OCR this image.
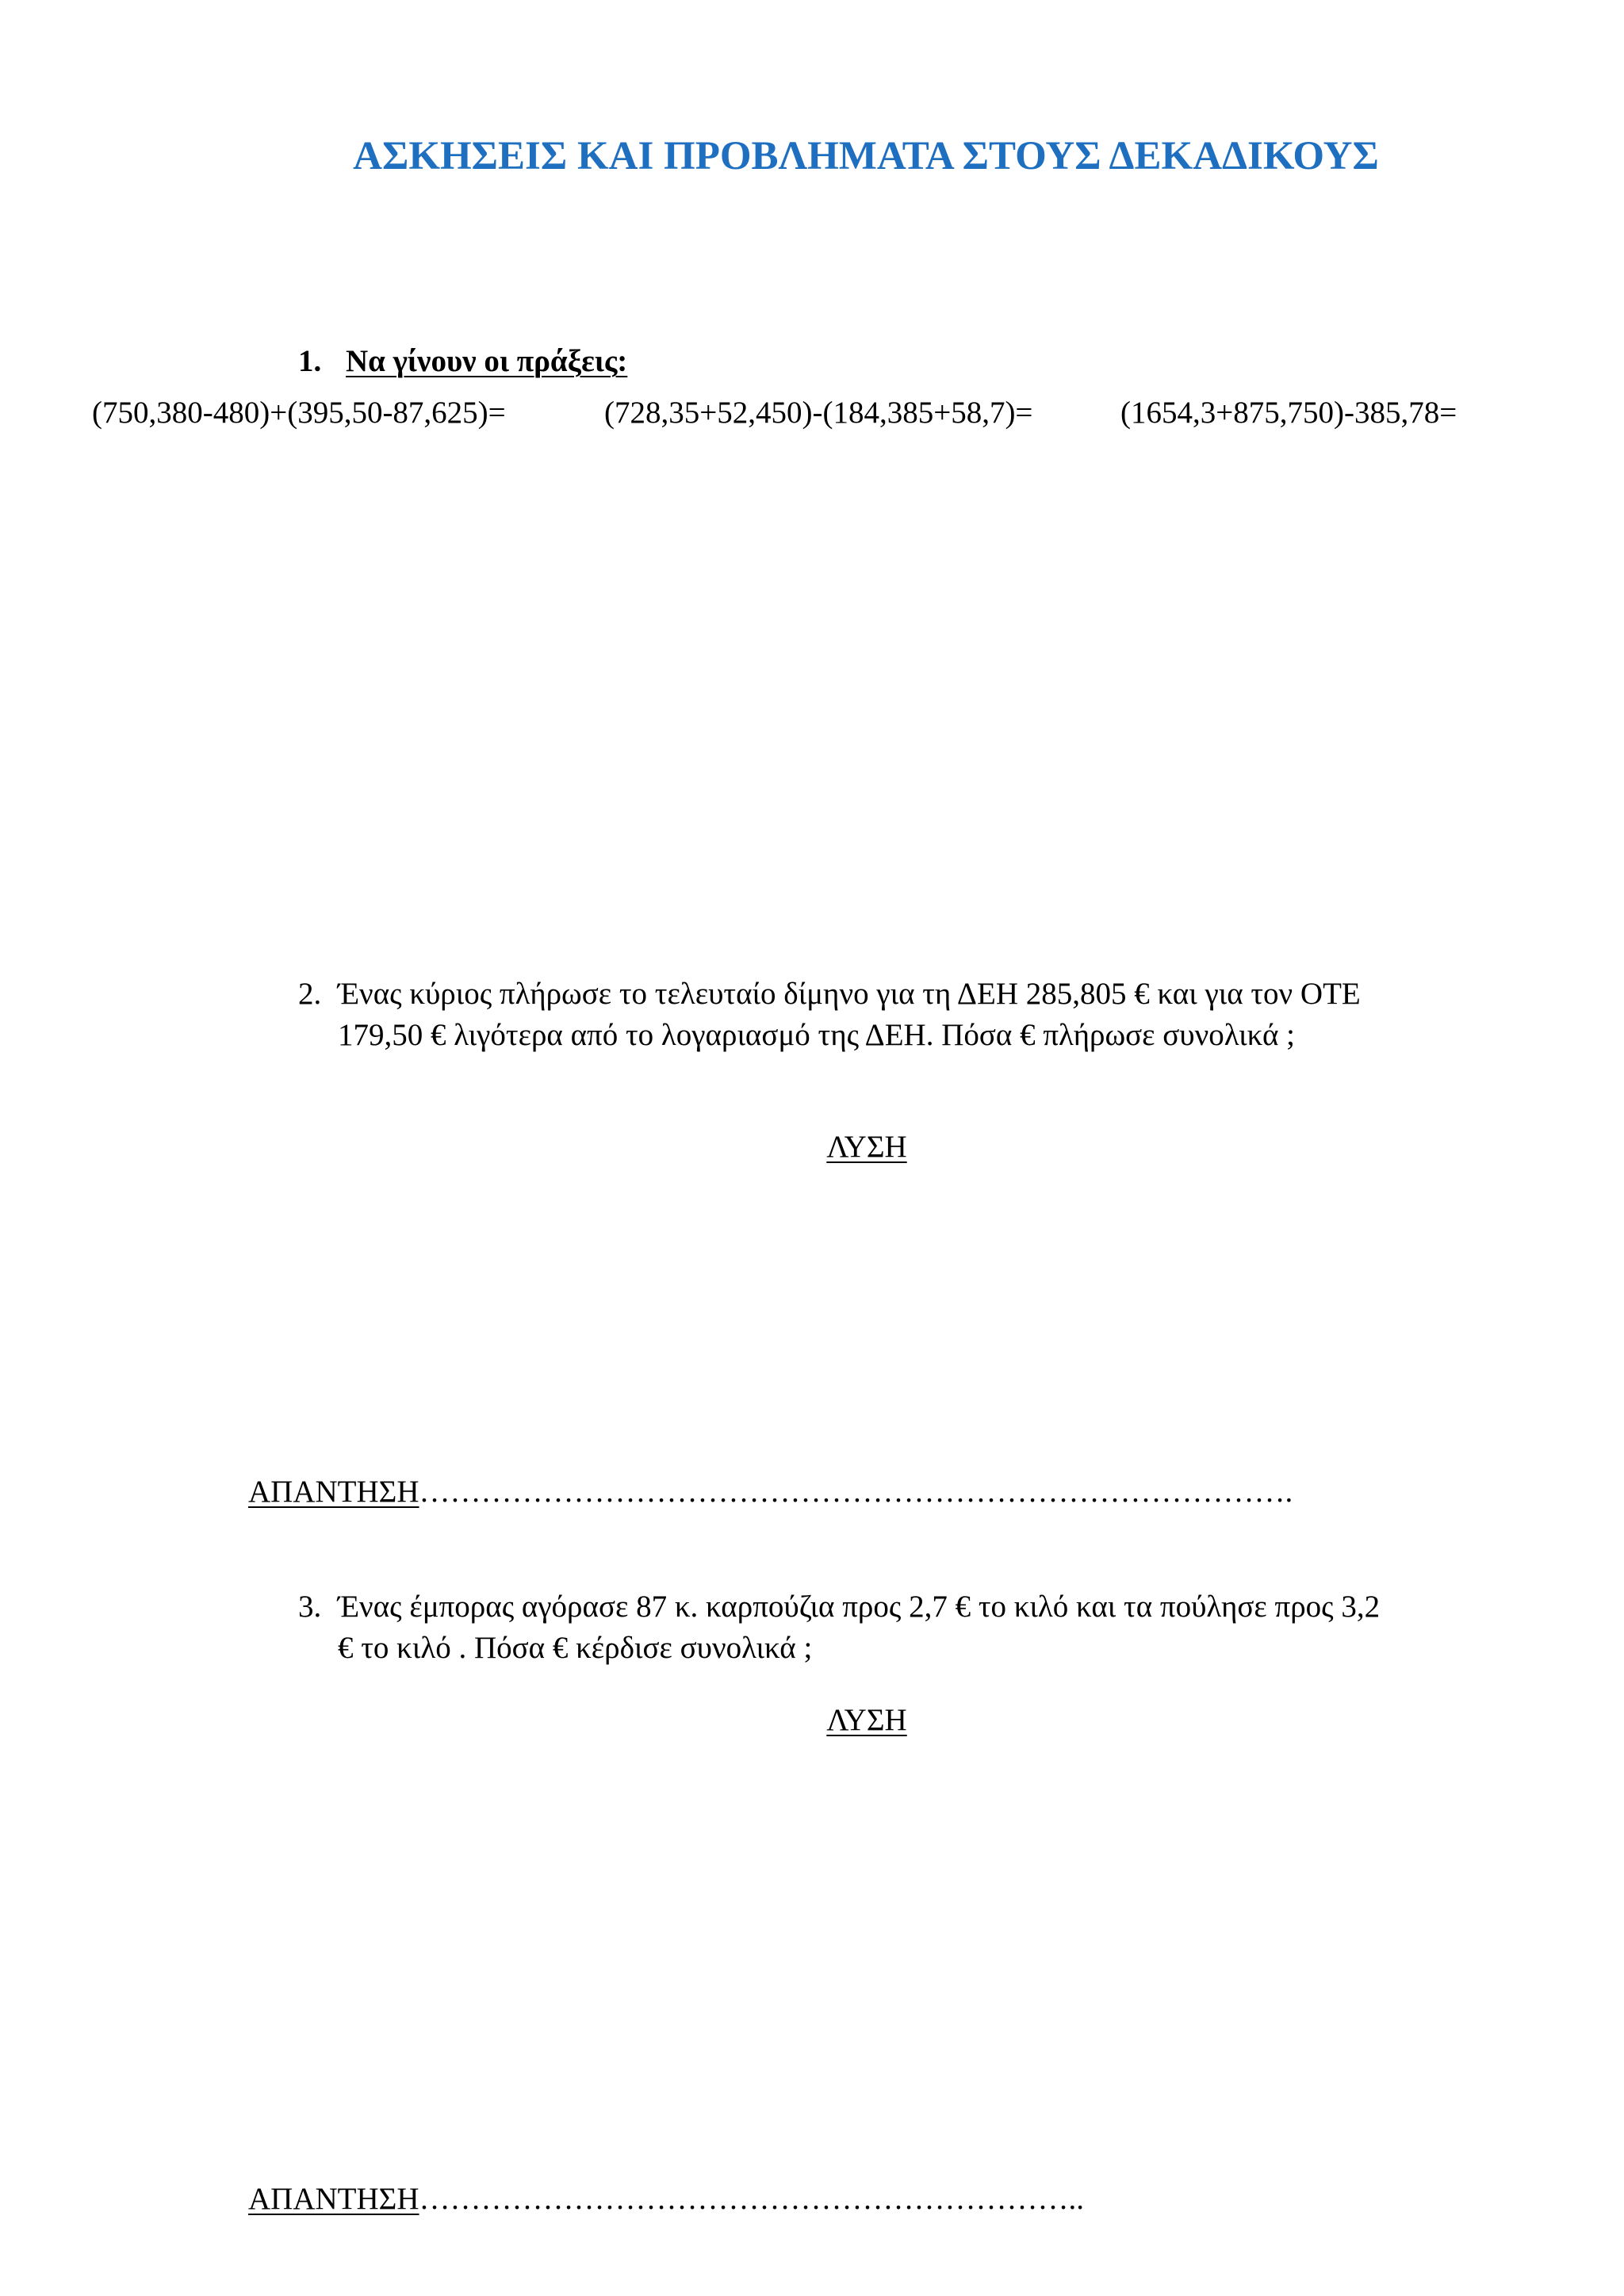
ΑΣΚΗΣΕΙΣ ΚΑΙ ΠΡΟΒΛΗΜΑΤΑ ΣΤΟΥΣ ΔΕΚΑΔΙΚΟΥΣ
1. Να γίνουν οι πράξεις:
(750,380-480)+(395,50-87,625)=	(728,35+52,450)-(184,385+58,7)=	(1654,3+875,750)-385,78=
2. Ένας κύριος πλήρωσε το τελευταίο δίμηνο για τη ΔΕΗ 285,805 € και για τον ΟΤΕ
179,50 € λιγότερα από το λογαριασμό της ΔΕΗ. Πόσα € πλήρωσε συνολικά ;
ΛΥΣΗ
ΑΠΑΝΤΗΣΗ………………………………………………………………………….
3. Ένας έμπορας αγόρασε 87 κ. καρπούζια προς 2,7 € το κιλό και τα πούλησε προς 3,2
€ το κιλό . Πόσα € κέρδισε συνολικά ;
ΛΥΣΗ
ΑΠΑΝΤΗΣΗ………………………………………………………..
